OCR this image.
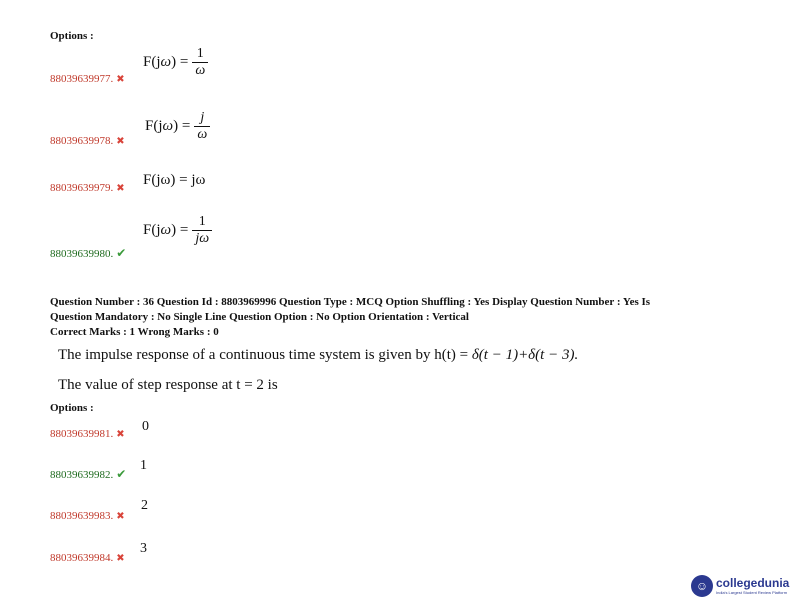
Options :
88039639977. ✖
F(j ω ) = $\frac{1}{\omega}$
88039639978. ✖
F(j ω ) = $\frac{j}{\omega}$
88039639979. ✖
F(jω) = jω
88039639980. ✔
F(j ω ) = $\frac{1}{j\omega}$
Question Number : 36 Question Id : 8803969996 Question Type : MCQ Option Shuffling : Yes Display Question Number : Yes Is
Question Mandatory : No Single Line Question Option : No Option Orientation : Vertical
Correct Marks : 1 Wrong Marks : 0
The impulse response of a continuous time system is given by h(t) = δ(t − 1)+δ(t − 3).
The value of step response at t = 2 is
Options :
88039639981. ✖
0
88039639982. ✔
1
88039639983. ✖
2
88039639984. ✖
3
☺ collegedunia
India's Largest Student Review Platform
